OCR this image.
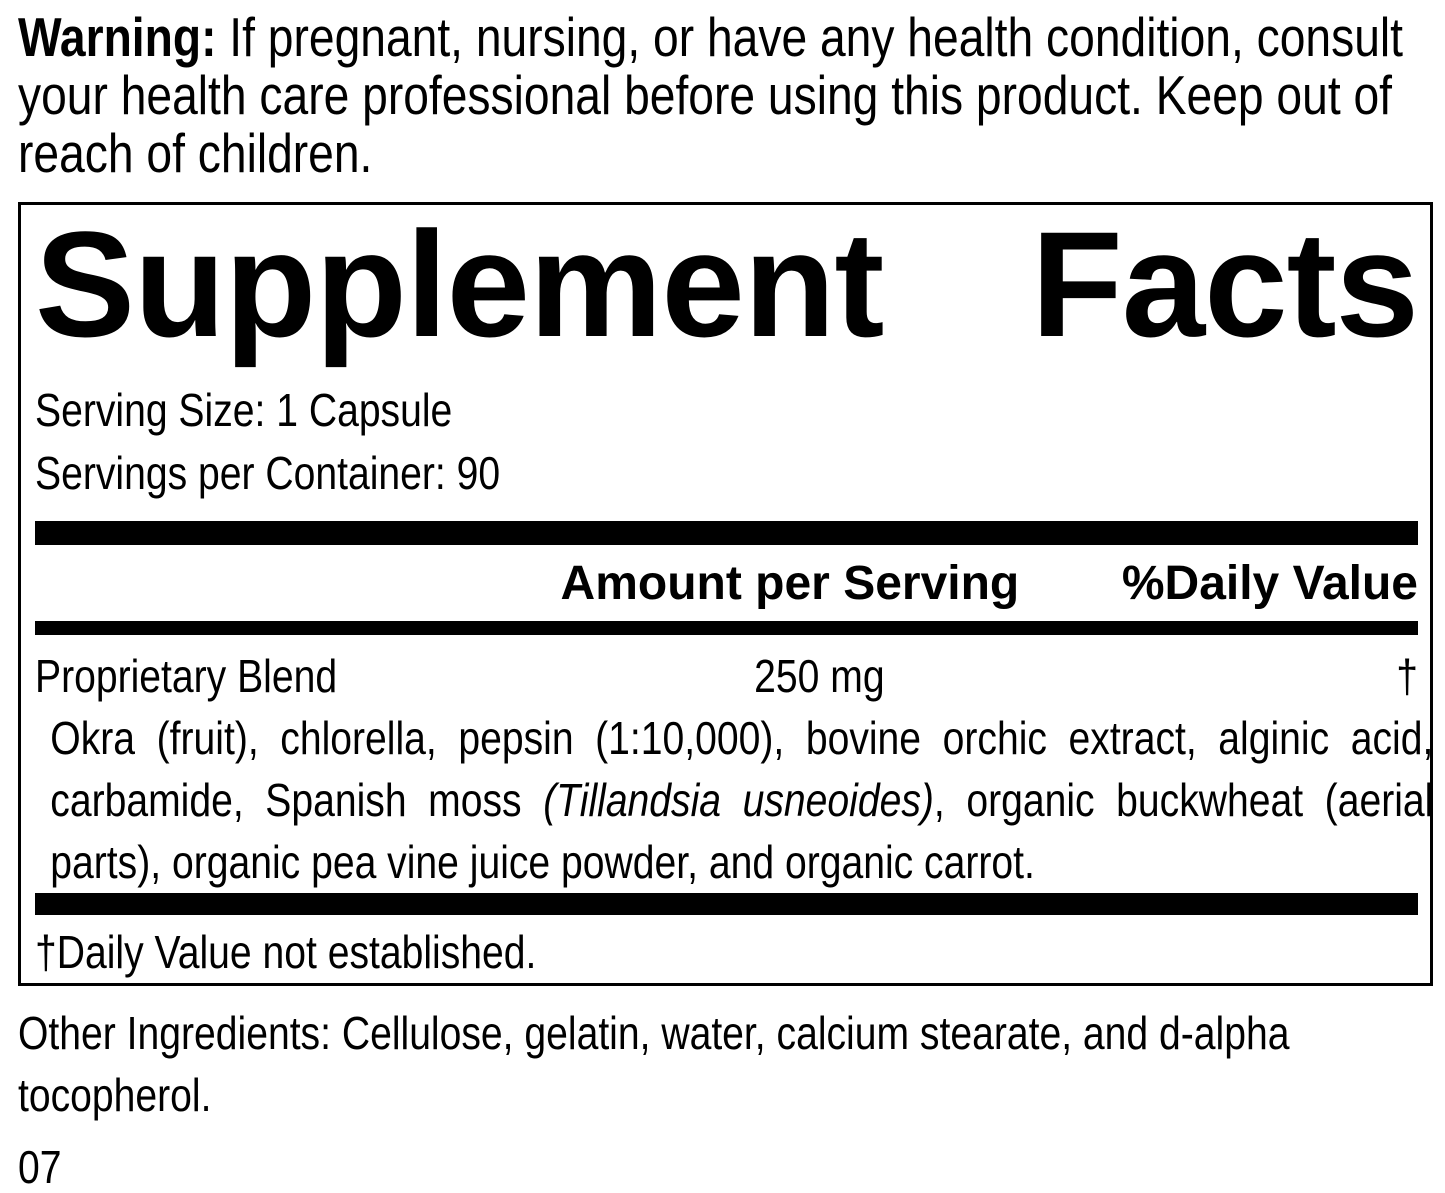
Warning: If pregnant, nursing, or have any health condition, consult your health care professional before using this product. Keep out of reach of children.

Supplement Facts
Serving Size: 1 Capsule
Servings per Container: 90
Amount per Serving %Daily Value
Proprietary Blend	250 mg	†

Okra (fruit), chlorella, pepsin (1:10,000), bovine orchic extract, alginic acid, carbamide, Spanish moss (Tillandsia usneoides), organic buckwheat (aerial parts), organic pea vine juice powder, and organic carrot.

†Daily Value not established.

Other Ingredients: Cellulose, gelatin, water, calcium stearate, and d-alpha tocopherol.

07
